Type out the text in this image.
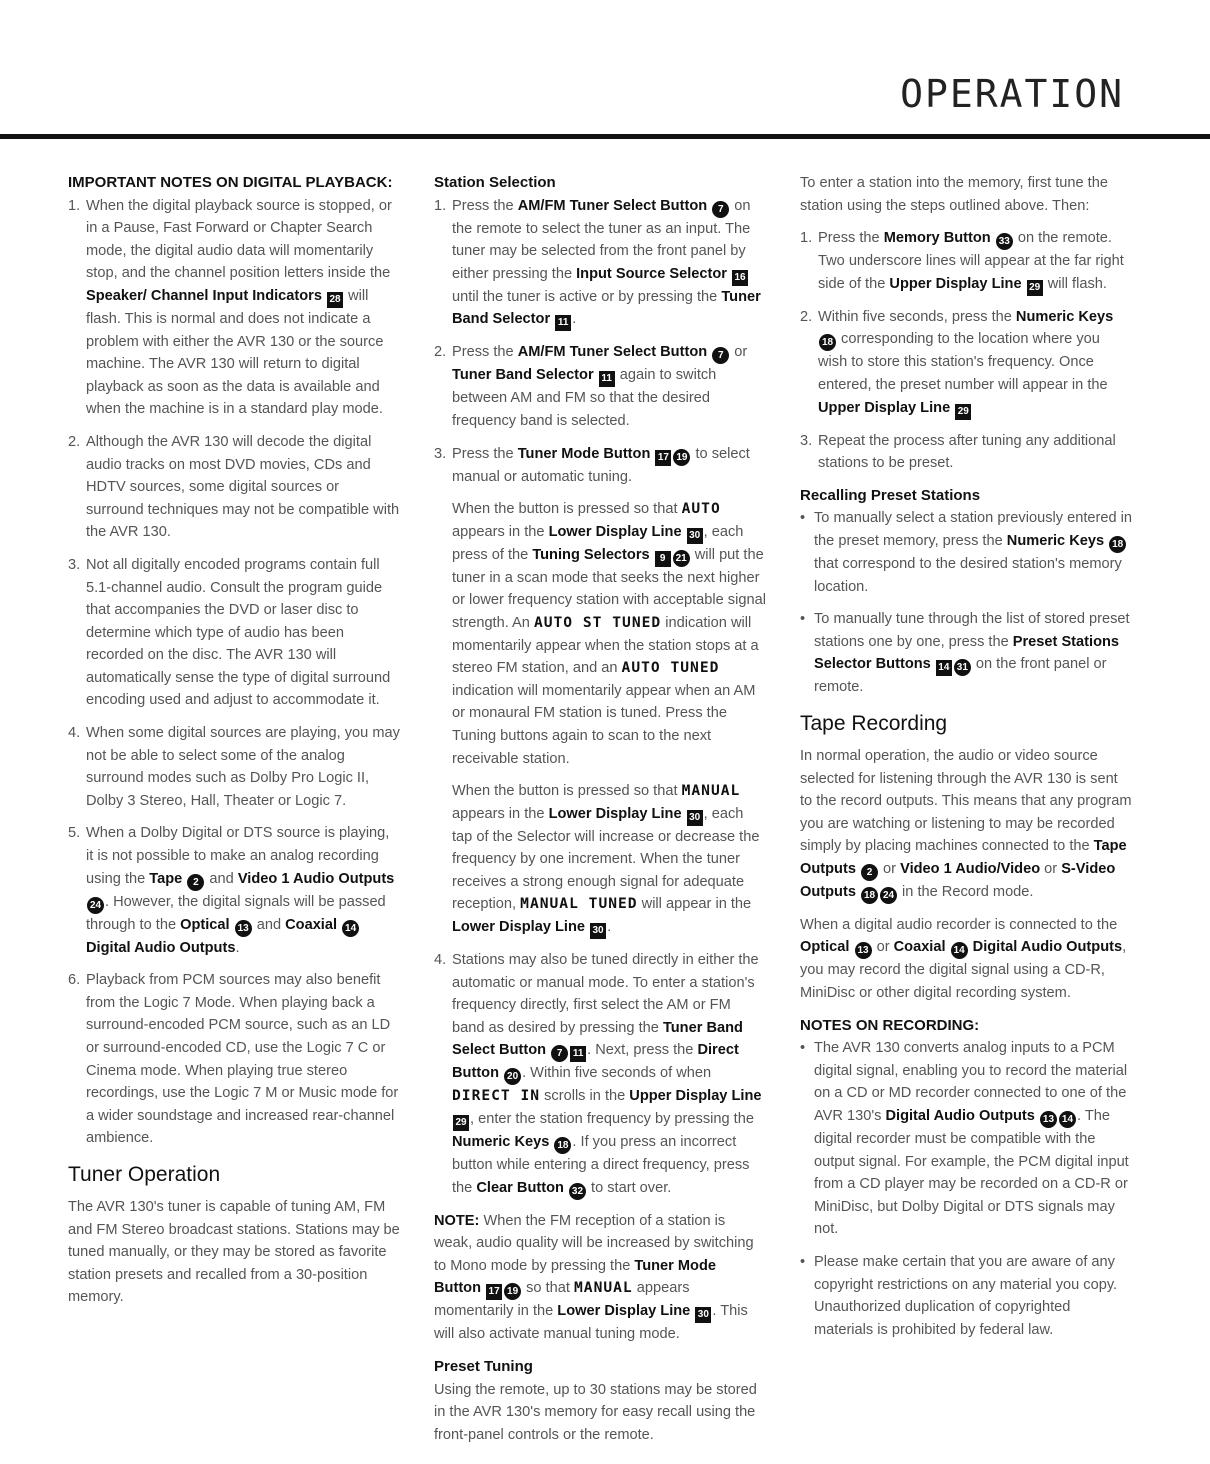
OPERATION

IMPORTANT NOTES ON DIGITAL PLAYBACK:

1. When the digital playback source is stopped, or in a Pause, Fast Forward or Chapter Search mode, the digital audio data will momentarily stop, and the channel position letters inside the Speaker/ Channel Input Indicators 28 will flash. This is normal and does not indicate a problem with either the AVR 130 or the source machine. The AVR 130 will return to digital playback as soon as the data is available and when the machine is in a standard play mode.
2. Although the AVR 130 will decode the digital audio tracks on most DVD movies, CDs and HDTV sources, some digital sources or surround techniques may not be compatible with the AVR 130.
3. Not all digitally encoded programs contain full 5.1-channel audio. Consult the program guide that accompanies the DVD or laser disc to determine which type of audio has been recorded on the disc. The AVR 130 will automatically sense the type of digital surround encoding used and adjust to accommodate it.
4. When some digital sources are playing, you may not be able to select some of the analog surround modes such as Dolby Pro Logic II, Dolby 3 Stereo, Hall, Theater or Logic 7.
5. When a Dolby Digital or DTS source is playing, it is not possible to make an analog recording using the Tape 2 and Video 1 Audio Outputs 24 . However, the digital signals will be passed through to the Optical 13 and Coaxial 14 Digital Audio Outputs.
6. Playback from PCM sources may also benefit from the Logic 7 Mode. When playing back a surround-encoded PCM source, such as an LD or surround-encoded CD, use the Logic 7 C or Cinema mode. When playing true stereo recordings, use the Logic 7 M or Music mode for a wider soundstage and increased rear-channel ambience.
Tuner Operation

The AVR 130's tuner is capable of tuning AM, FM and FM Stereo broadcast stations. Stations may be tuned manually, or they may be stored as favorite station presets and recalled from a 30-position memory.

Station Selection

1. Press the AM/FM Tuner Select Button 7 on the remote to select the tuner as an input. The tuner may be selected from the front panel by either pressing the Input Source Selector 16 until the tuner is active or by pressing the Tuner Band Selector 11 .
2. Press the AM/FM Tuner Select Button 7 or Tuner Band Selector 11 again to switch between AM and FM so that the desired frequency band is selected.
3. Press the Tuner Mode Button 17 19 to select manual or automatic tuning.

When the button is pressed so that AUTO appears in the Lower Display Line 30 , each press of the Tuning Selectors 9 21 will put the tuner in a scan mode that seeks the next higher or lower frequency station with acceptable signal strength. An AUTO ST TUNED indication will momentarily appear when the station stops at a stereo FM station, and an AUTO TUNED indication will momentarily appear when an AM or monaural FM station is tuned. Press the Tuning buttons again to scan to the next receivable station.

When the button is pressed so that MANUAL appears in the Lower Display Line 30 , each tap of the Selector will increase or decrease the frequency by one increment. When the tuner receives a strong enough signal for adequate reception, MANUAL TUNED will appear in the Lower Display Line 30 .

4. Stations may also be tuned directly in either the automatic or manual mode. To enter a station's frequency directly, first select the AM or FM band as desired by pressing the Tuner Band Select Button 7 11 . Next, press the Direct Button 20 . Within five seconds of when DIRECT IN scrolls in the Upper Display Line 29 , enter the station frequency by pressing the Numeric Keys 18 . If you press an incorrect button while entering a direct frequency, press the Clear Button 32 to start over.

NOTE: When the FM reception of a station is weak, audio quality will be increased by switching to Mono mode by pressing the Tuner Mode Button 17 19 so that MANUAL appears momentarily in the Lower Display Line 30 . This will also activate manual tuning mode.

Preset Tuning

Using the remote, up to 30 stations may be stored in the AVR 130's memory for easy recall using the front-panel controls or the remote.

To enter a station into the memory, first tune the station using the steps outlined above. Then:

1. Press the Memory Button 33 on the remote. Two underscore lines will appear at the far right side of the Upper Display Line 29 will flash.
2. Within five seconds, press the Numeric Keys 18 corresponding to the location where you wish to store this station's frequency. Once entered, the preset number will appear in the Upper Display Line 29
3. Repeat the process after tuning any additional stations to be preset.

Recalling Preset Stations

• To manually select a station previously entered in the preset memory, press the Numeric Keys 18 that correspond to the desired station's memory location.
• To manually tune through the list of stored preset stations one by one, press the Preset Stations Selector Buttons 14 31 on the front panel or remote.
Tape Recording

In normal operation, the audio or video source selected for listening through the AVR 130 is sent to the record outputs. This means that any program you are watching or listening to may be recorded simply by placing machines connected to the Tape Outputs 2 or Video 1 Audio/Video or S-Video Outputs 18 24 in the Record mode.

When a digital audio recorder is connected to the Optical 13 or Coaxial 14 Digital Audio Outputs, you may record the digital signal using a CD-R, MiniDisc or other digital recording system.

NOTES ON RECORDING:

• The AVR 130 converts analog inputs to a PCM digital signal, enabling you to record the material on a CD or MD recorder connected to one of the AVR 130's Digital Audio Outputs 13 14 . The digital recorder must be compatible with the output signal. For example, the PCM digital input from a CD player may be recorded on a CD-R or MiniDisc, but Dolby Digital or DTS signals may not.
• Please make certain that you are aware of any copyright restrictions on any material you copy. Unauthorized duplication of copyrighted materials is prohibited by federal law.
